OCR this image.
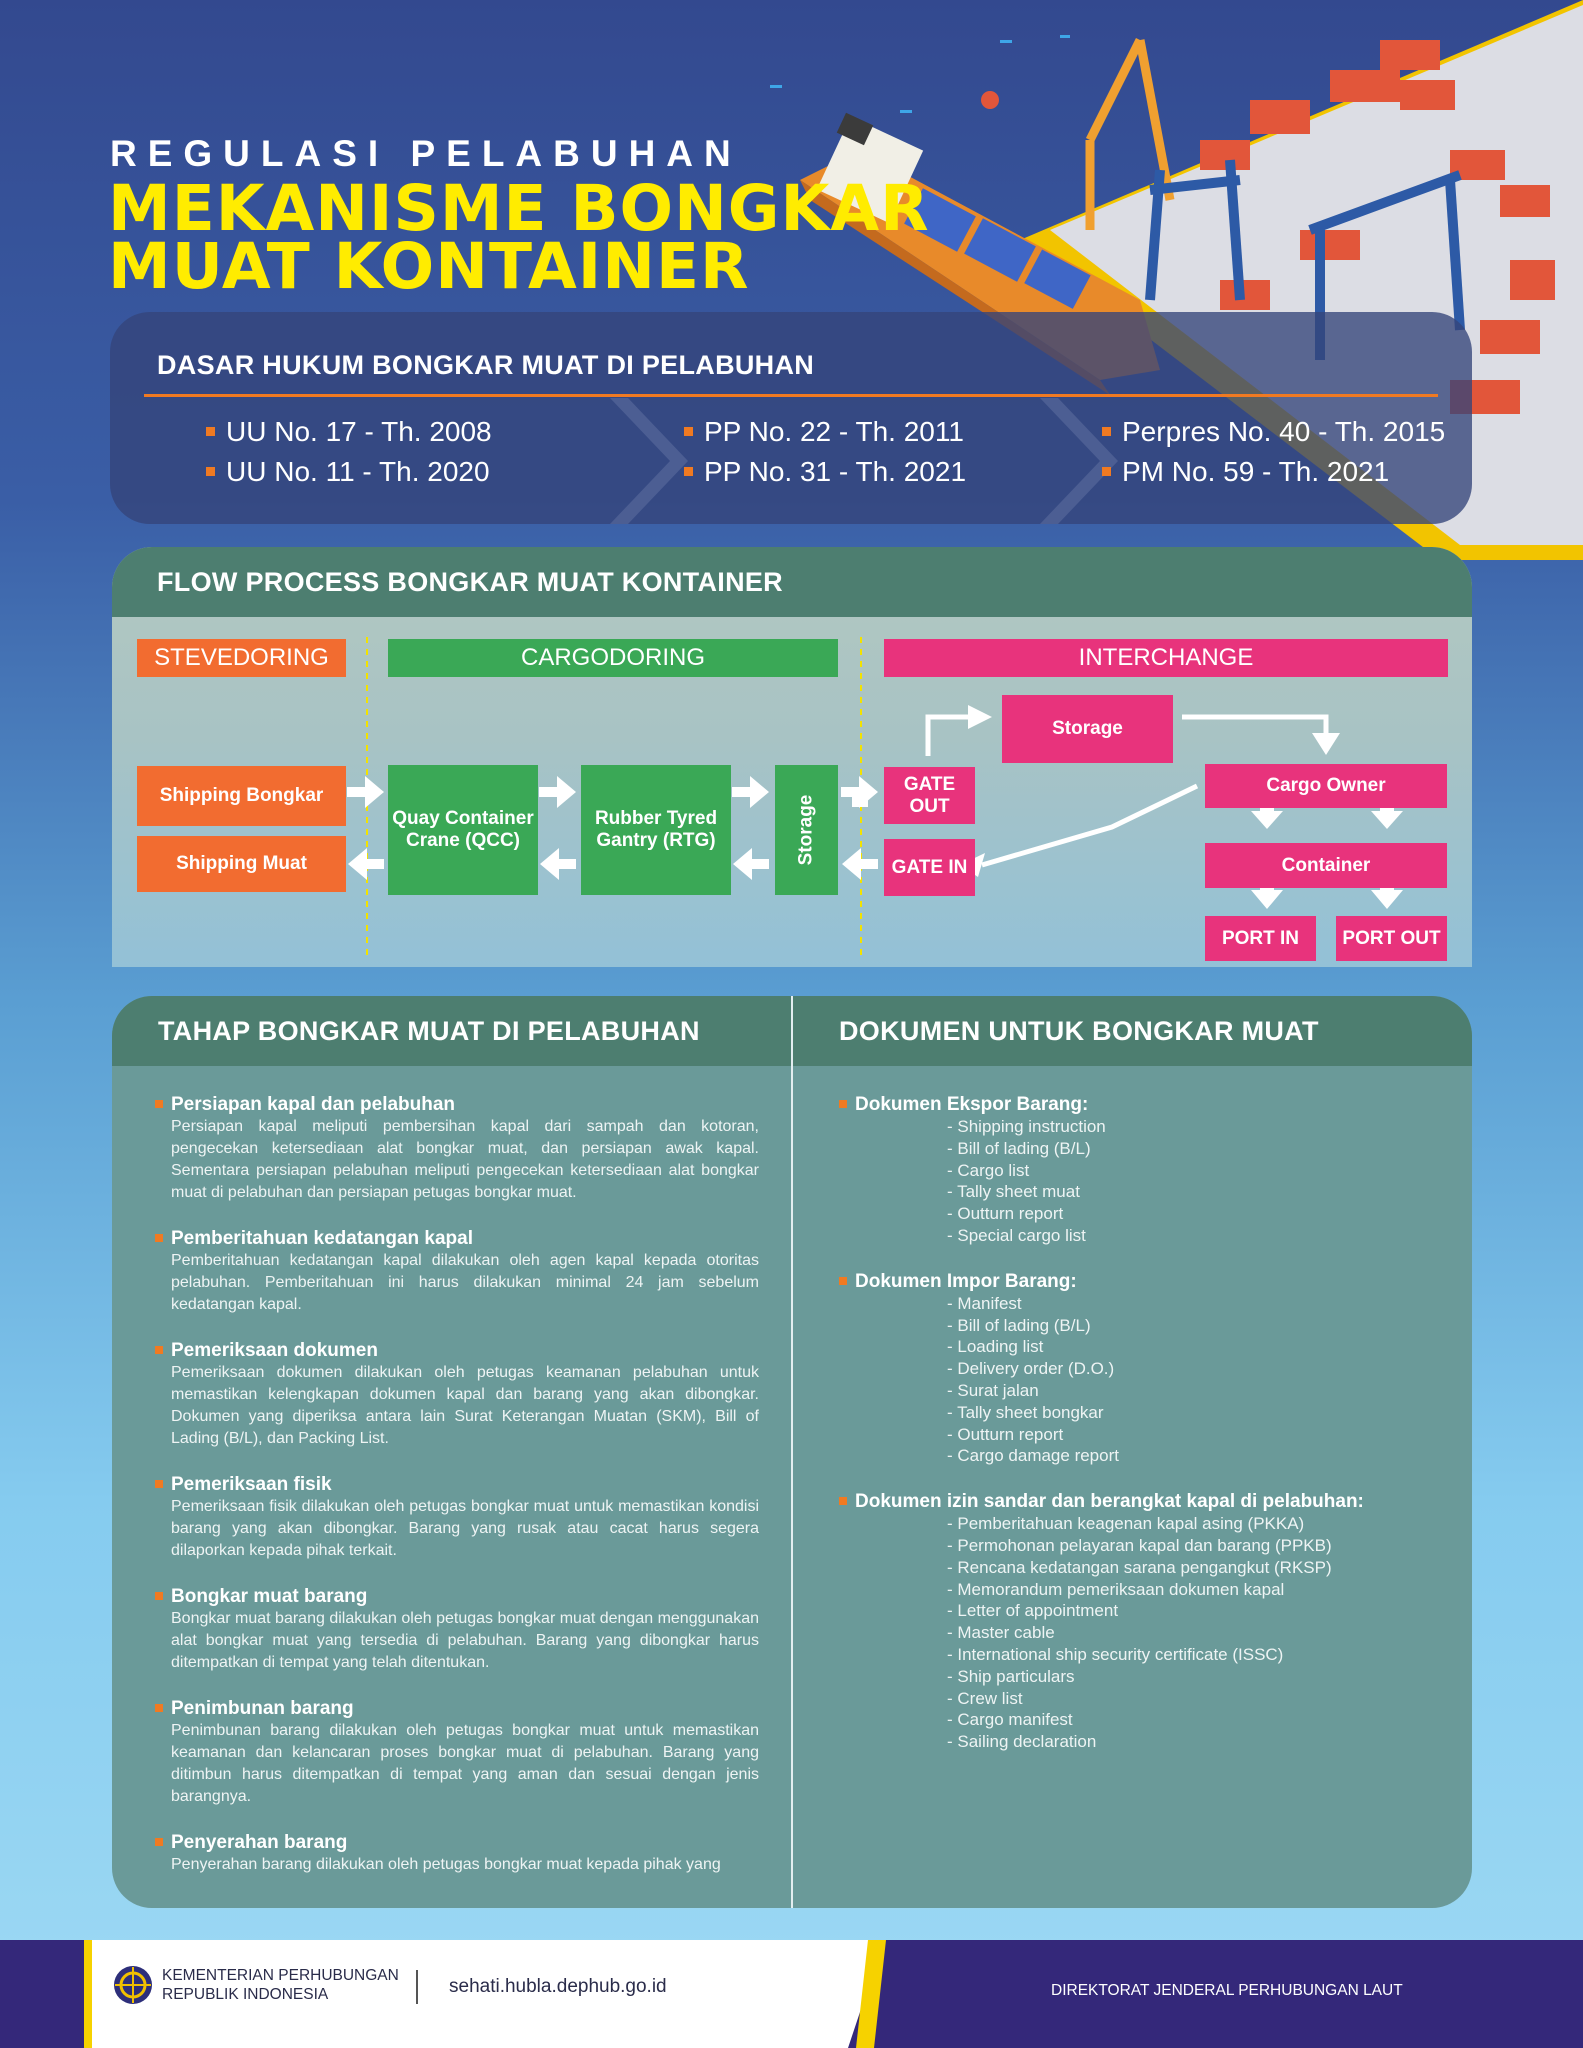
REGULASI PELABUHAN
MEKANISME BONGKAR
MUAT KONTAINER
DASAR HUKUM BONGKAR MUAT DI PELABUHAN
UU No. 17 - Th. 2008
UU No. 11 - Th. 2020
PP No. 22 - Th. 2011
PP No. 31 - Th. 2021
Perpres No. 40 - Th. 2015
PM No. 59 - Th. 2021
FLOW PROCESS BONGKAR MUAT KONTAINER
STEVEDORING	CARGODORING	INTERCHANGE
Shipping Bongkar
Shipping Muat
Quay Container Crane (QCC)
Rubber Tyred Gantry (RTG)	Storage
GATE OUT
GATE IN
Storage
Cargo Owner
Container
PORT IN	PORT OUT
TAHAP BONGKAR MUAT DI PELABUHAN	DOKUMEN UNTUK BONGKAR MUAT
Persiapan kapal dan pelabuhan
Persiapan kapal meliputi pembersihan kapal dari sampah dan kotoran, pengecekan ketersediaan alat bongkar muat, dan persiapan awak kapal. Sementara persiapan pelabuhan meliputi pengecekan ketersediaan alat bongkar muat di pelabuhan dan persiapan petugas bongkar muat.
Pemberitahuan kedatangan kapal
Pemberitahuan kedatangan kapal dilakukan oleh agen kapal kepada otoritas pelabuhan. Pemberitahuan ini harus dilakukan minimal 24 jam sebelum kedatangan kapal.
Pemeriksaan dokumen
Pemeriksaan dokumen dilakukan oleh petugas keamanan pelabuhan untuk memastikan kelengkapan dokumen kapal dan barang yang akan dibongkar. Dokumen yang diperiksa antara lain Surat Keterangan Muatan (SKM), Bill of Lading (B/L), dan Packing List.
Pemeriksaan fisik
Pemeriksaan fisik dilakukan oleh petugas bongkar muat untuk memastikan kondisi barang yang akan dibongkar. Barang yang rusak atau cacat harus segera dilaporkan kepada pihak terkait.
Bongkar muat barang
Bongkar muat barang dilakukan oleh petugas bongkar muat dengan menggunakan alat bongkar muat yang tersedia di pelabuhan. Barang yang dibongkar harus ditempatkan di tempat yang telah ditentukan.
Penimbunan barang
Penimbunan barang dilakukan oleh petugas bongkar muat untuk memastikan keamanan dan kelancaran proses bongkar muat di pelabuhan. Barang yang ditimbun harus ditempatkan di tempat yang aman dan sesuai dengan jenis barangnya.
Penyerahan barang
Penyerahan barang dilakukan oleh petugas bongkar muat kepada pihak yang
Dokumen Ekspor Barang:
- Shipping instruction
- Bill of lading (B/L)
- Cargo list
- Tally sheet muat
- Outturn report
- Special cargo list
Dokumen Impor Barang:
- Manifest
- Bill of lading (B/L)
- Loading list
- Delivery order (D.O.)
- Surat jalan
- Tally sheet bongkar
- Outturn report
- Cargo damage report
Dokumen izin sandar dan berangkat kapal di pelabuhan:
- Pemberitahuan keagenan kapal asing (PKKA)
- Permohonan pelayaran kapal dan barang (PPKB)
- Rencana kedatangan sarana pengangkut (RKSP)
- Memorandum pemeriksaan dokumen kapal
- Letter of appointment
- Master cable
- International ship security certificate (ISSC)
- Ship particulars
- Crew list
- Cargo manifest
- Sailing declaration
KEMENTERIAN PERHUBUNGAN
REPUBLIK INDONESIA	sehati.hubla.dephub.go.id	DIREKTORAT JENDERAL PERHUBUNGAN LAUT
